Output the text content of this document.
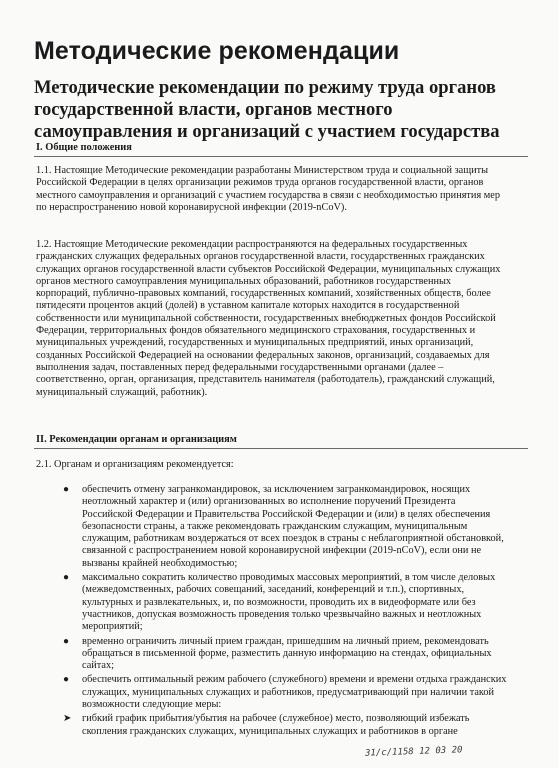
Методические рекомендации
Методические рекомендации по режиму труда органов государственной власти, органов местного самоуправления и организаций с участием государства
I. Общие положения

1.1. Настоящие Методические рекомендации разработаны Министерством труда и социальной защиты Российской Федерации в целях организации режимов труда органов государственной власти, органов местного самоуправления и организаций с участием государства в связи с необходимостью принятия мер по нераспространению новой коронавирусной инфекции (2019-nCoV).

1.2. Настоящие Методические рекомендации распространяются на федеральных государственных гражданских служащих федеральных органов государственной власти, государственных гражданских служащих органов государственной власти субъектов Российской Федерации, муниципальных служащих органов местного самоуправления муниципальных образований, работников государственных корпораций, публично-правовых компаний, государственных компаний, хозяйственных обществ, более пятидесяти процентов акций (долей) в уставном капитале которых находится в государственной собственности или муниципальной собственности, государственных внебюджетных фондов Российской Федерации, территориальных фондов обязательного медицинского страхования, государственных и муниципальных учреждений, государственных и муниципальных предприятий, иных организаций, созданных Российской Федерацией на основании федеральных законов, организаций, создаваемых для выполнения задач, поставленных перед федеральными государственными органами (далее – соответственно, орган, организация, представитель нанимателя (работодатель), гражданский служащий, муниципальный служащий, работник).

II. Рекомендации органам и организациям

2.1. Органам и организациям рекомендуется:

● обеспечить отмену загранкомандировок, за исключением загранкомандировок, носящих неотложный характер и (или) организованных во исполнение поручений Президента Российской Федерации и Правительства Российской Федерации и (или) в целях обеспечения безопасности страны, а также рекомендовать гражданским служащим, муниципальным служащим, работникам воздержаться от всех поездок в страны с неблагоприятной обстановкой, связанной с распространением новой коронавирусной инфекции (2019-nCoV), если они не вызваны крайней необходимостью;
● максимально сократить количество проводимых массовых мероприятий, в том числе деловых (межведомственных, рабочих совещаний, заседаний, конференций и т.п.), спортивных, культурных и развлекательных, и, по возможности, проводить их в видеоформате или без участников, допуская возможность проведения только чрезвычайно важных и неотложных мероприятий;
● временно ограничить личный прием граждан, пришедшим на личный прием, рекомендовать обращаться в письменной форме, разместить данную информацию на стендах, официальных сайтах;
● обеспечить оптимальный режим рабочего (служебного) времени и времени отдыха гражданских служащих, муниципальных служащих и работников, предусматривающий при наличии такой возможности следующие меры:
➤ гибкий график прибытия/убытия на рабочее (служебное) место, позволяющий избежать скопления гражданских служащих, муниципальных служащих и работников в органе
31/с/1158 12 03 20
